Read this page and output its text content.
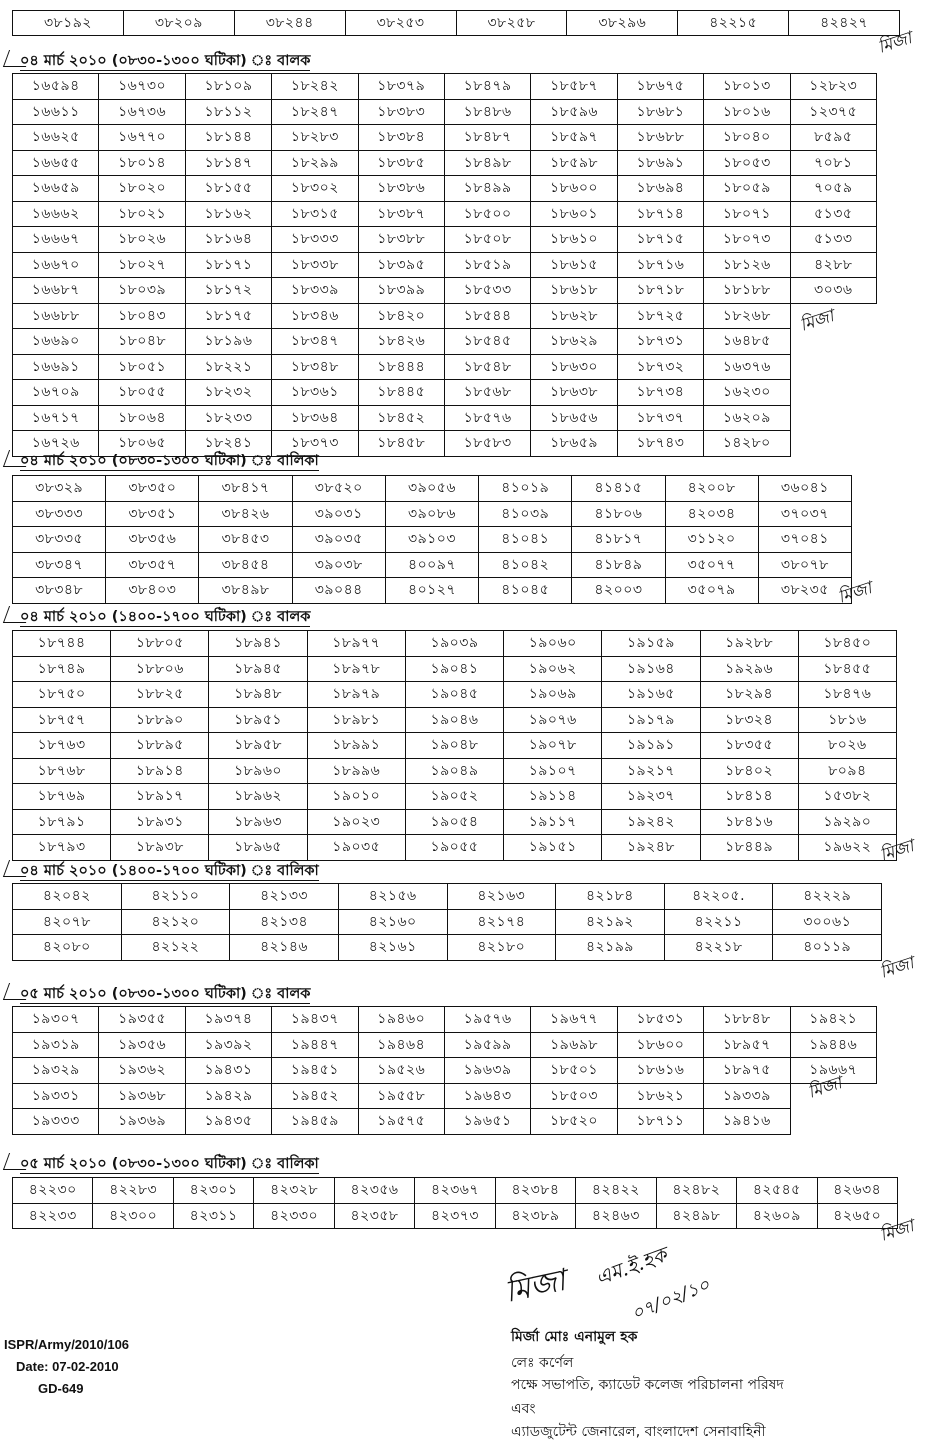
৩৮১৯২	৩৮২০৯	৩৮২৪৪	৩৮২৫৩	৩৮২৫৮	৩৮২৯৬	৪২২১৫	৪২৪২৭
০৪ মার্চ ২০১০ (০৮৩০-১৩০০ ঘটিকা) ঃ বালক
১৬৫৯৪	১৬৭৩০	১৮১০৯	১৮২৪২	১৮৩৭৯	১৮৪৭৯	১৮৫৮৭	১৮৬৭৫	১৮০১৩	১২৮২৩
১৬৬১১	১৬৭৩৬	১৮১১২	১৮২৪৭	১৮৩৮৩	১৮৪৮৬	১৮৫৯৬	১৮৬৮১	১৮০১৬	১২৩৭৫
১৬৬২৫	১৬৭৭০	১৮১৪৪	১৮২৮৩	১৮৩৮৪	১৮৪৮৭	১৮৫৯৭	১৮৬৮৮	১৮০৪০	৮৫৯৫
১৬৬৫৫	১৮০১৪	১৮১৪৭	১৮২৯৯	১৮৩৮৫	১৮৪৯৮	১৮৫৯৮	১৮৬৯১	১৮০৫৩	৭০৮১
১৬৬৫৯	১৮০২০	১৮১৫৫	১৮৩০২	১৮৩৮৬	১৮৪৯৯	১৮৬০০	১৮৬৯৪	১৮০৫৯	৭০৫৯
১৬৬৬২	১৮০২১	১৮১৬২	১৮৩১৫	১৮৩৮৭	১৮৫০০	১৮৬০১	১৮৭১৪	১৮০৭১	৫১৩৫
১৬৬৬৭	১৮০২৬	১৮১৬৪	১৮৩৩৩	১৮৩৮৮	১৮৫০৮	১৮৬১০	১৮৭১৫	১৮০৭৩	৫১৩৩
১৬৬৭০	১৮০২৭	১৮১৭১	১৮৩৩৮	১৮৩৯৫	১৮৫১৯	১৮৬১৫	১৮৭১৬	১৮১২৬	৪২৮৮
১৬৬৮৭	১৮০৩৯	১৮১৭২	১৮৩৩৯	১৮৩৯৯	১৮৫৩৩	১৮৬১৮	১৮৭১৮	১৮১৮৮	৩০৩৬
১৬৬৮৮	১৮০৪৩	১৮১৭৫	১৮৩৪৬	১৮৪২০	১৮৫৪৪	১৮৬২৮	১৮৭২৫	১৮২৬৮	
১৬৬৯০	১৮০৪৮	১৮১৯৬	১৮৩৪৭	১৮৪২৬	১৮৫৪৫	১৮৬২৯	১৮৭৩১	১৬৪৮৫	
১৬৬৯১	১৮০৫১	১৮২২১	১৮৩৪৮	১৮৪৪৪	১৮৫৪৮	১৮৬৩০	১৮৭৩২	১৬৩৭৬	
১৬৭০৯	১৮০৫৫	১৮২৩২	১৮৩৬১	১৮৪৪৫	১৮৫৬৮	১৮৬৩৮	১৮৭৩৪	১৬২৩০	
১৬৭১৭	১৮০৬৪	১৮২৩৩	১৮৩৬৪	১৮৪৫২	১৮৫৭৬	১৮৬৫৬	১৮৭৩৭	১৬২০৯	
১৬৭২৬	১৮০৬৫	১৮২৪১	১৮৩৭৩	১৮৪৫৮	১৮৫৮৩	১৮৬৫৯	১৮৭৪৩	১৪২৮০	
০৪ মার্চ ২০১০ (০৮৩০-১৩০০ ঘটিকা) ঃ বালিকা
৩৮৩২৯	৩৮৩৫০	৩৮৪১৭	৩৮৫২০	৩৯০৫৬	৪১০১৯	৪১৪১৫	৪২০০৮	৩৬০৪১
৩৮৩৩৩	৩৮৩৫১	৩৮৪২৬	৩৯০৩১	৩৯০৮৬	৪১০৩৯	৪১৮০৬	৪২০৩৪	৩৭০৩৭
৩৮৩৩৫	৩৮৩৫৬	৩৮৪৫৩	৩৯০৩৫	৩৯১০৩	৪১০৪১	৪১৮১৭	৩১১২০	৩৭০৪১
৩৮৩৪৭	৩৮৩৫৭	৩৮৪৫৪	৩৯০৩৮	৪০০৯৭	৪১০৪২	৪১৮৪৯	৩৫০৭৭	৩৮০৭৮
৩৮৩৪৮	৩৮৪০৩	৩৮৪৯৮	৩৯০৪৪	৪০১২৭	৪১০৪৫	৪২০০৩	৩৫০৭৯	৩৮২৩৫
০৪ মার্চ ২০১০ (১৪০০-১৭০০ ঘটিকা) ঃ বালক
১৮৭৪৪	১৮৮০৫	১৮৯৪১	১৮৯৭৭	১৯০৩৯	১৯০৬০	১৯১৫৯	১৯২৮৮	১৮৪৫০
১৮৭৪৯	১৮৮০৬	১৮৯৪৫	১৮৯৭৮	১৯০৪১	১৯০৬২	১৯১৬৪	১৯২৯৬	১৮৪৫৫
১৮৭৫০	১৮৮২৫	১৮৯৪৮	১৮৯৭৯	১৯০৪৫	১৯০৬৯	১৯১৬৫	১৮২৯৪	১৮৪৭৬
১৮৭৫৭	১৮৮৯০	১৮৯৫১	১৮৯৮১	১৯০৪৬	১৯০৭৬	১৯১৭৯	১৮৩২৪	১৮১৬
১৮৭৬৩	১৮৮৯৫	১৮৯৫৮	১৮৯৯১	১৯০৪৮	১৯০৭৮	১৯১৯১	১৮৩৫৫	৮০২৬
১৮৭৬৮	১৮৯১৪	১৮৯৬০	১৮৯৯৬	১৯০৪৯	১৯১০৭	১৯২১৭	১৮৪০২	৮০৯৪
১৮৭৬৯	১৮৯১৭	১৮৯৬২	১৯০১০	১৯০৫২	১৯১১৪	১৯২৩৭	১৮৪১৪	১৫৩৮২
১৮৭৯১	১৮৯৩১	১৮৯৬৩	১৯০২৩	১৯০৫৪	১৯১১৭	১৯২৪২	১৮৪১৬	১৯২৯০
১৮৭৯৩	১৮৯৩৮	১৮৯৬৫	১৯০৩৫	১৯০৫৫	১৯১৫১	১৯২৪৮	১৮৪৪৯	১৯৬২২
০৪ মার্চ ২০১০ (১৪০০-১৭০০ ঘটিকা) ঃ বালিকা
৪২০৪২	৪২১১০	৪২১৩৩	৪২১৫৬	৪২১৬৩	৪২১৮৪	৪২২০৫.	৪২২২৯
৪২০৭৮	৪২১২০	৪২১৩৪	৪২১৬০	৪২১৭৪	৪২১৯২	৪২২১১	৩০০৬১
৪২০৮০	৪২১২২	৪২১৪৬	৪২১৬১	৪২১৮০	৪২১৯৯	৪২২১৮	৪০১১৯
০৫ মার্চ ২০১০ (০৮৩০-১৩০০ ঘটিকা) ঃ বালক
১৯৩০৭	১৯৩৫৫	১৯৩৭৪	১৯৪৩৭	১৯৪৬০	১৯৫৭৬	১৯৬৭৭	১৮৫৩১	১৮৮৪৮	১৯৪২১
১৯৩১৯	১৯৩৫৬	১৯৩৯২	১৯৪৪৭	১৯৪৬৪	১৯৫৯৯	১৯৬৯৮	১৮৬০০	১৮৯৫৭	১৯৪৪৬
১৯৩২৯	১৯৩৬২	১৯৪৩১	১৯৪৫১	১৯৫২৬	১৯৬৩৯	১৮৫০১	১৮৬১৬	১৮৯৭৫	১৯৬৬৭
১৯৩৩১	১৯৩৬৮	১৯৪২৯	১৯৪৫২	১৯৫৫৮	১৯৬৪৩	১৮৫০৩	১৮৬২১	১৯৩৩৯	
১৯৩৩৩	১৯৩৬৯	১৯৪৩৫	১৯৪৫৯	১৯৫৭৫	১৯৬৫১	১৮৫২০	১৮৭১১	১৯৪১৬	
০৫ মার্চ ২০১০ (০৮৩০-১৩০০ ঘটিকা) ঃ বালিকা
৪২২৩০	৪২২৮৩	৪২৩০১	৪২৩২৮	৪২৩৫৬	৪২৩৬৭	৪২৩৮৪	৪২৪২২	৪২৪৮২	৪২৫৪৫	৪২৬৩৪
৪২২৩৩	৪২৩০০	৪২৩১১	৪২৩৩০	৪২৩৫৮	৪২৩৭৩	৪২৩৮৯	৪২৪৬৩	৪২৪৯৮	৪২৬০৯	৪২৬৫০
মিজা
মিজা
মিজা
মিজা
মিজা
মিজা
মিজা
মিজা এম.ই.হক
০৭/০২/১০
ISPR/Army/2010/106
Date: 07-02-2010
GD-649
মির্জা মোঃ এনামুল হক
লেঃ কর্ণেল
পক্ষে সভাপতি, ক্যাডেট কলেজ পরিচালনা পরিষদ
এবং
এ্যাডজুটেন্ট জেনারেল, বাংলাদেশ সেনাবাহিনী
